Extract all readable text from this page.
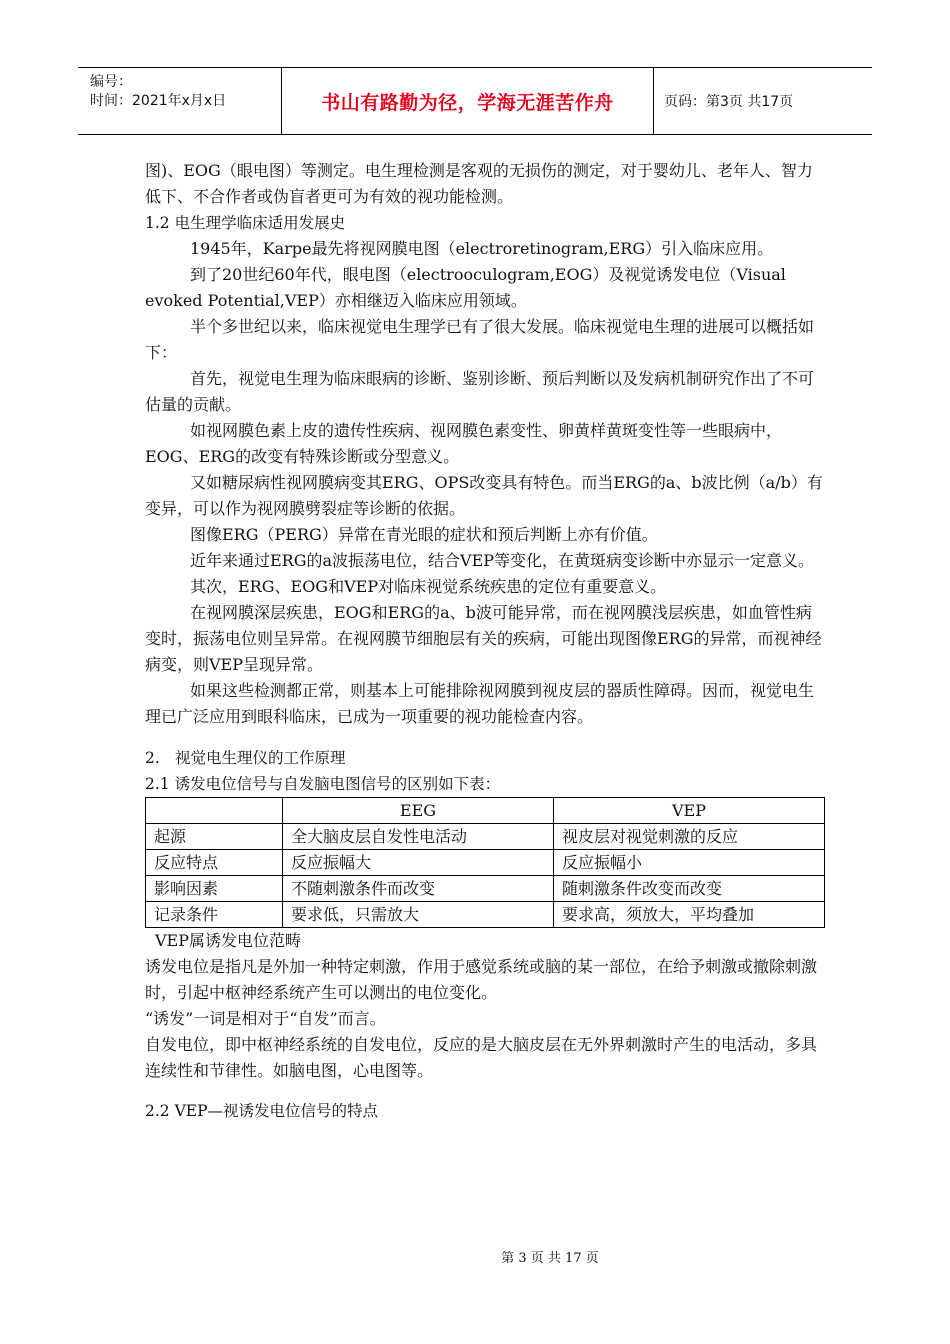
编号：
时间：2021年x月x日	书山有路勤为径，学海无涯苦作舟	页码：第3页 共17页

图)、EOG（眼电图）等测定。电生理检测是客观的无损伤的测定，对于婴幼儿、老年人、智力低下、不合作者或伪盲者更可为有效的视功能检测。

1.2 电生理学临床适用发展史

1945年，Karpe最先将视网膜电图（electroretinogram,ERG）引入临床应用。

到了20世纪60年代，眼电图（electrooculogram,EOG）及视觉诱发电位（Visual evoked Potential,VEP）亦相继迈入临床应用领域。

半个多世纪以来，临床视觉电生理学已有了很大发展。临床视觉电生理的进展可以概括如下：

首先，视觉电生理为临床眼病的诊断、鉴别诊断、预后判断以及发病机制研究作出了不可估量的贡献。

如视网膜色素上皮的遗传性疾病、视网膜色素变性、卵黄样黄斑变性等一些眼病中，EOG、ERG的改变有特殊诊断或分型意义。

又如糖尿病性视网膜病变其ERG、OPS改变具有特色。而当ERG的a、b波比例（a/b）有变异，可以作为视网膜劈裂症等诊断的依据。

图像ERG（PERG）异常在青光眼的症状和预后判断上亦有价值。

近年来通过ERG的a波振荡电位，结合VEP等变化，在黄斑病变诊断中亦显示一定意义。

其次，ERG、EOG和VEP对临床视觉系统疾患的定位有重要意义。

在视网膜深层疾患，EOG和ERG的a、b波可能异常，而在视网膜浅层疾患，如血管性病变时，振荡电位则呈异常。在视网膜节细胞层有关的疾病，可能出现图像ERG的异常，而视神经病变，则VEP呈现异常。

如果这些检测都正常，则基本上可能排除视网膜到视皮层的器质性障碍。因而，视觉电生理已广泛应用到眼科临床，已成为一项重要的视功能检查内容。

2. 视觉电生理仪的工作原理

2.1 诱发电位信号与自发脑电图信号的区别如下表：

	EEG	VEP
起源	全大脑皮层自发性电活动	视皮层对视觉刺激的反应
反应特点	反应振幅大	反应振幅小
影响因素	不随刺激条件而改变	随刺激条件改变而改变
记录条件	要求低，只需放大	要求高，须放大，平均叠加

VEP属诱发电位范畴

诱发电位是指凡是外加一种特定刺激，作用于感觉系统或脑的某一部位，在给予刺激或撤除刺激时，引起中枢神经系统产生可以测出的电位变化。

“诱发”一词是相对于“自发”而言。

自发电位，即中枢神经系统的自发电位，反应的是大脑皮层在无外界刺激时产生的电活动，多具连续性和节律性。如脑电图，心电图等。

2.2 VEP—视诱发电位信号的特点

第 3 页 共 17 页
